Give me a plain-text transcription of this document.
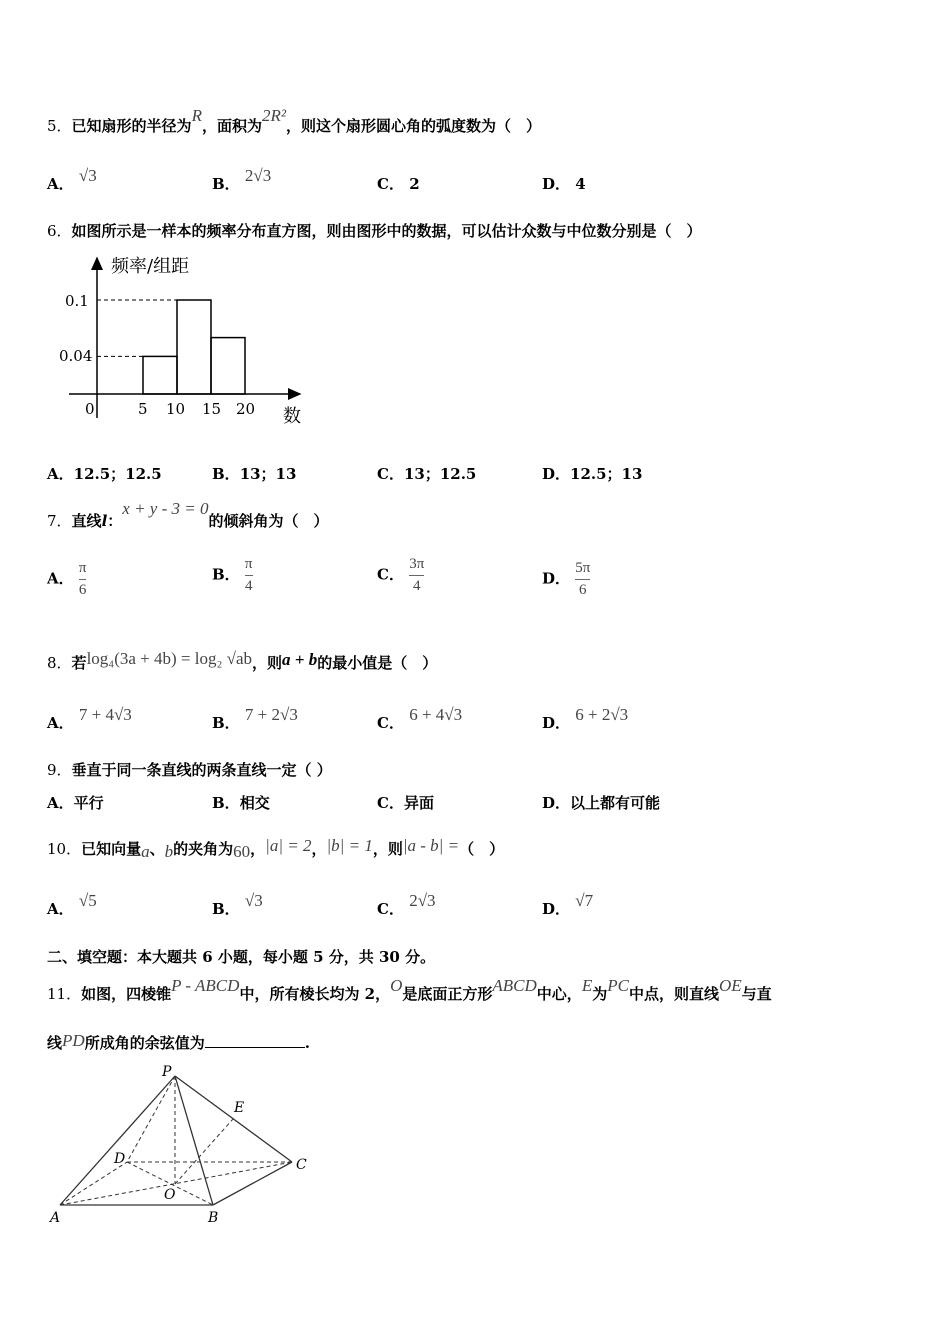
5．已知扇形的半径为R，面积为2R²，则这个扇形圆心角的弧度数为（　）
A． √3	B． 2√3	C． 2	D． 4
6．如图所示是一样本的频率分布直方图，则由图形中的数据，可以估计众数与中位数分别是（　）
频率/组距
数
0.1
0.04
0	5 10 15 20
A．12.5；12.5	B．13；13	C．13；12.5	D．12.5；13
7．直线l：x + y - 3 = 0的倾斜角为（　）
A． $\frac{\pi}{6}$	B． $\frac{\pi}{4}$	C． $\frac{3\pi}{4}$	D． $\frac{5\pi}{6}$
8．若log₄(3a + 4b) = log₂ √ab，则a + b的最小值是（　）
A． 7 + 4√3	B． 7 + 2√3	C． 6 + 4√3	D． 6 + 2√3
9．垂直于同一条直线的两条直线一定（ ）
A．平行	B．相交	C．异面	D．以上都有可能
10．已知向量a、b的夹角为60，|a| = 2，|b| = 1，则|a - b| =（　）
A． √5	B． √3	C． 2√3	D． √7
二、填空题：本大题共 6 小题，每小题 5 分，共 30 分。
11．如图，四棱锥P - ABCD中，所有棱长均为 2，O是底面正方形ABCD中心，E为PC中点，则直线OE与直
线PD所成角的余弦值为	.
P
E
D	C
O
A	B
